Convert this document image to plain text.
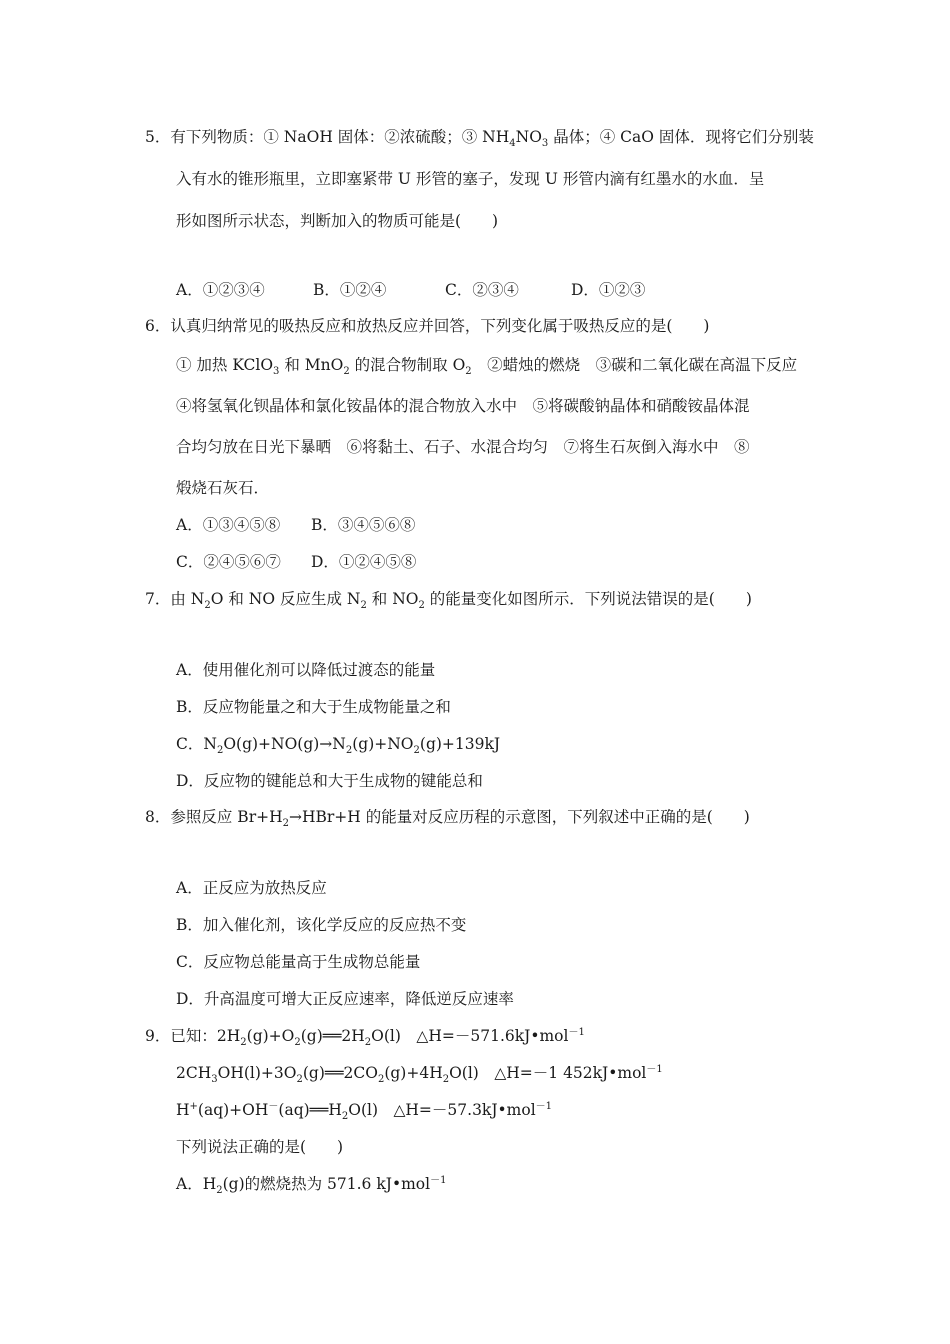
5．有下列物质：① NaOH 固体：②浓硫酸；③ $NH_4NO_3$ 晶体；④ CaO 固体．现将它们分别装
入有水的锥形瓶里，立即塞紧带 U 形管的塞子，发现 U 形管内滴有红墨水的水血．呈
形如图所示状态，判断加入的物质可能是(　　)
A．①②③④	B．①②④	C．②③④	D．①②③
6．认真归纳常见的吸热反应和放热反应并回答，下列变化属于吸热反应的是(　　)
① 加热 KClO$_3$ 和 MnO$_2$ 的混合物制取 $O_2$　②蜡烛的燃烧　③碳和二氧化碳在高温下反应
④将氢氧化钡晶体和氯化铵晶体的混合物放入水中　⑤将碳酸钠晶体和硝酸铵晶体混
合均匀放在日光下暴晒　⑥将黏土、石子、水混合均匀　⑦将生石灰倒入海水中　⑧
煅烧石灰石．
A．①③④⑤⑧ B．③④⑤⑥⑧
C．②④⑤⑥⑦ D．①②④⑤⑧
7．由 $N_2O$ 和 NO 反应生成 $N_2$ 和 $NO_2$ 的能量变化如图所示．下列说法错误的是(　　)
A．使用催化剂可以降低过渡态的能量
B．反应物能量之和大于生成物能量之和
C．$N_2O(g)+NO(g)\to N_2(g)+NO_2(g)+139kJ$
D．反应物的键能总和大于生成物的键能总和
8．参照反应 $Br+H_2\to HBr+H$ 的能量对反应历程的示意图，下列叙述中正确的是(　　)
A．正反应为放热反应
B．加入催化剂，该化学反应的反应热不变
C．反应物总能量高于生成物总能量
D．升高温度可增大正反应速率，降低逆反应速率
9．已知：$2H_2(g)+O_2(g)══2H_2O(l)$　△H=－571.6kJ•mol$^{-1}$
$2CH_3OH(l)+3O_2(g)══2CO_2(g)+4H_2O(l)$　△H=－1 452kJ•mol$^{-1}$
$H^+(aq)+OH^-(aq)══H_2O(l)$　△H=－57.3kJ•mol$^{-1}$
下列说法正确的是(　　)
A．$H_2(g)$的燃烧热为 571.6 kJ•mol$^{-1}$
